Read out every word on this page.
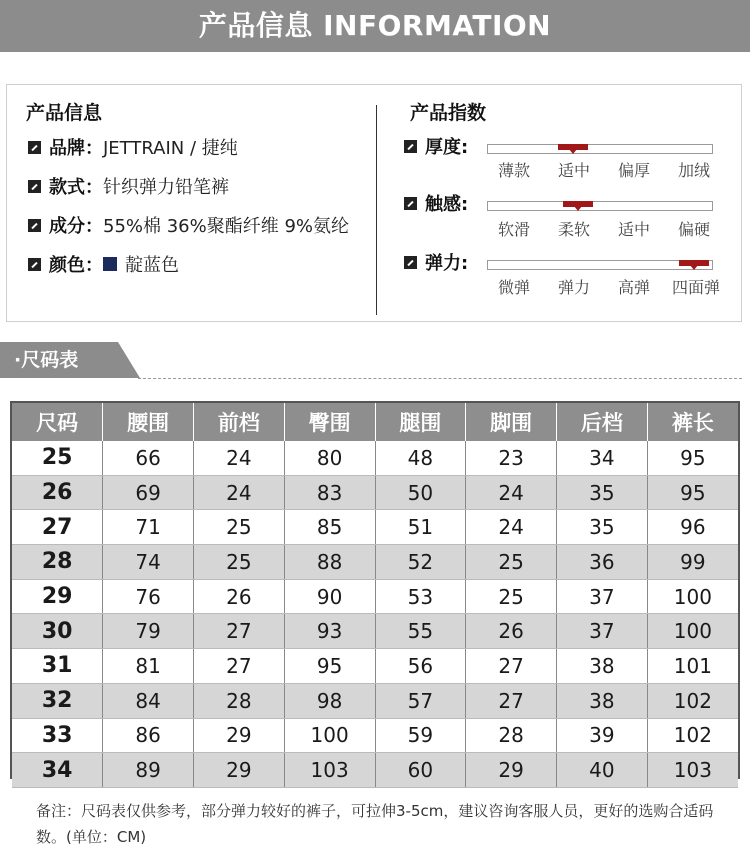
产品信息 INFORMATION
产品信息
品牌：JETTRAIN / 捷纯
款式：针织弹力铅笔裤
成分：55%棉 36%聚酯纤维 9%氨纶
颜色： 靛蓝色
产品指数
厚度:
薄款	适中	偏厚	加绒
触感:
软滑	柔软	适中	偏硬
弹力:
微弹	弹力	高弹	四面弹
·尺码表
尺码	腰围	前档	臀围	腿围	脚围	后档	裤长
25	66	24	80	48	23	34	95
26	69	24	83	50	24	35	95
27	71	25	85	51	24	35	96
28	74	25	88	52	25	36	99
29	76	26	90	53	25	37	100
30	79	27	93	55	26	37	100
31	81	27	95	56	27	38	101
32	84	28	98	57	27	38	102
33	86	29	100	59	28	39	102
34	89	29	103	60	29	40	103
备注：尺码表仅供参考，部分弹力较好的裤子，可拉伸3-5cm，建议咨询客服人员，更好的选购合适码数。(单位：CM)
